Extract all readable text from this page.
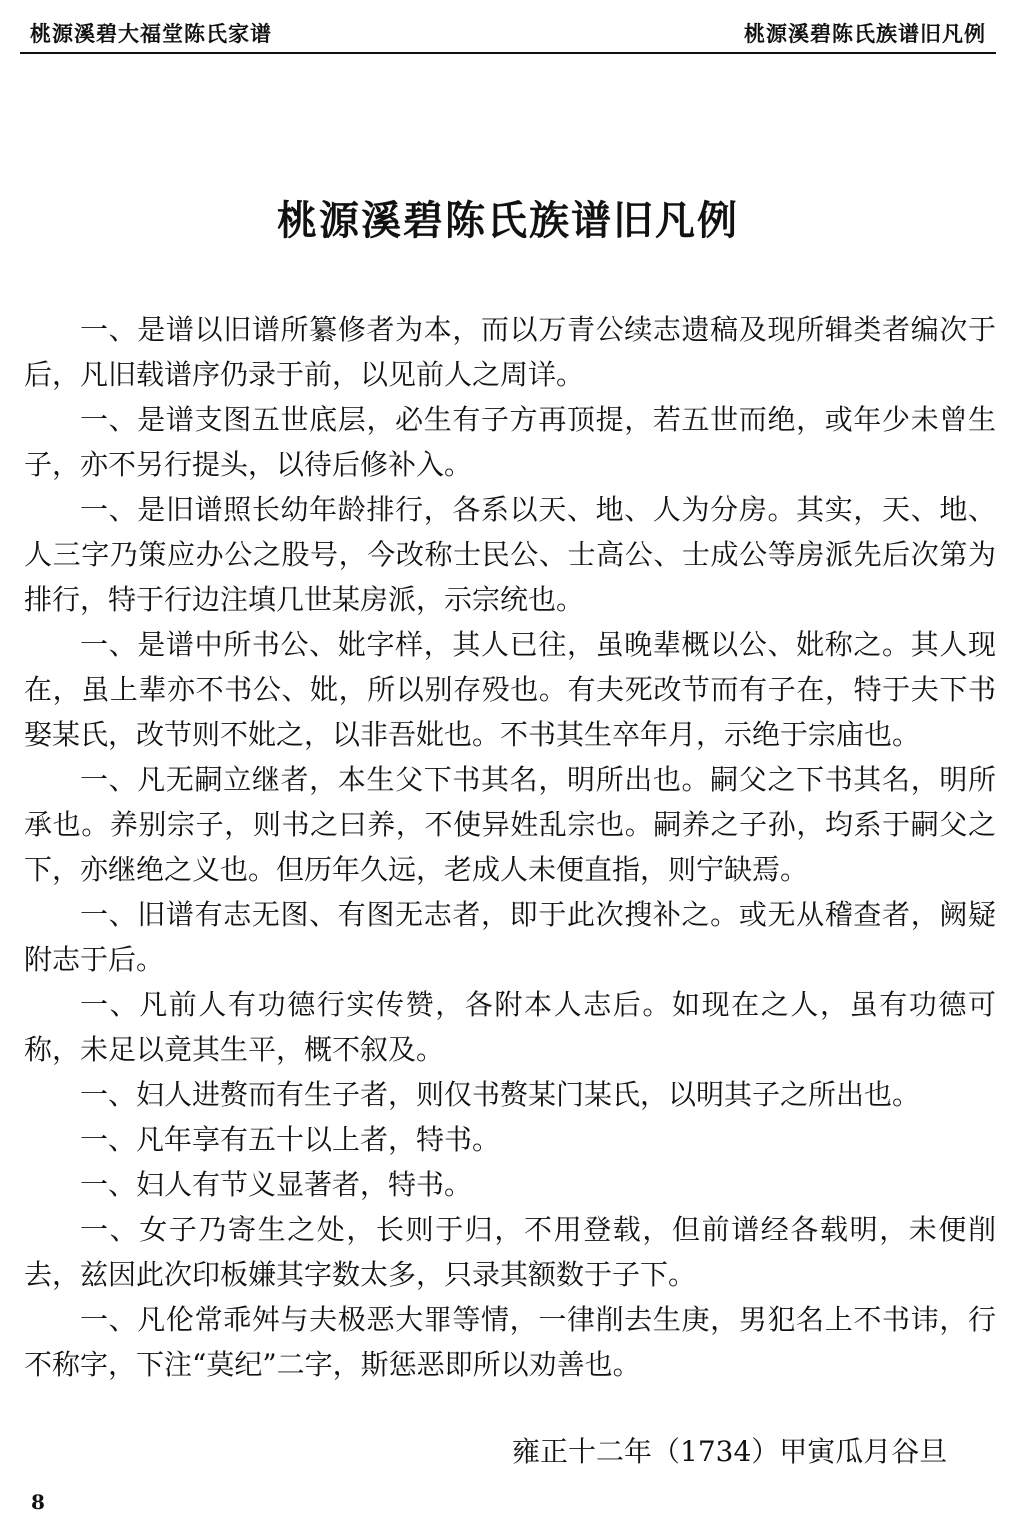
桃源溪碧大福堂陈氏家谱	桃源溪碧陈氏族谱旧凡例
桃源溪碧陈氏族谱旧凡例

一、是谱以旧谱所纂修者为本，而以万青公续志遗稿及现所辑类者编次于后，凡旧载谱序仍录于前，以见前人之周详。

一、是谱支图五世底层，必生有子方再顶提，若五世而绝，或年少未曾生子，亦不另行提头，以待后修补入。

一、是旧谱照长幼年龄排行，各系以天、地、人为分房。其实，天、地、人三字乃策应办公之股号，今改称士民公、士高公、士成公等房派先后次第为排行，特于行边注填几世某房派，示宗统也。

一、是谱中所书公、妣字样，其人已往，虽晚辈概以公、妣称之。其人现在，虽上辈亦不书公、妣，所以别存殁也。有夫死改节而有子在，特于夫下书娶某氏，改节则不妣之，以非吾妣也。不书其生卒年月，示绝于宗庙也。

一、凡无嗣立继者，本生父下书其名，明所出也。嗣父之下书其名，明所承也。养别宗子，则书之曰养，不使异姓乱宗也。嗣养之子孙，均系于嗣父之下，亦继绝之义也。但历年久远，老成人未便直指，则宁缺焉。

一、旧谱有志无图、有图无志者，即于此次搜补之。或无从稽查者，阙疑附志于后。

一、凡前人有功德行实传赞，各附本人志后。如现在之人，虽有功德可称，未足以竟其生平，概不叙及。

一、妇人进赘而有生子者，则仅书赘某门某氏，以明其子之所出也。

一、凡年享有五十以上者，特书。

一、妇人有节义显著者，特书。

一、女子乃寄生之处，长则于归，不用登载，但前谱经各载明，未便削去，兹因此次印板嫌其字数太多，只录其额数于子下。

一、凡伦常乖舛与夫极恶大罪等情，一律削去生庚，男犯名上不书讳，行不称字，下注“莫纪”二字，斯惩恶即所以劝善也。

雍正十二年（1734）甲寅瓜月谷旦
8
